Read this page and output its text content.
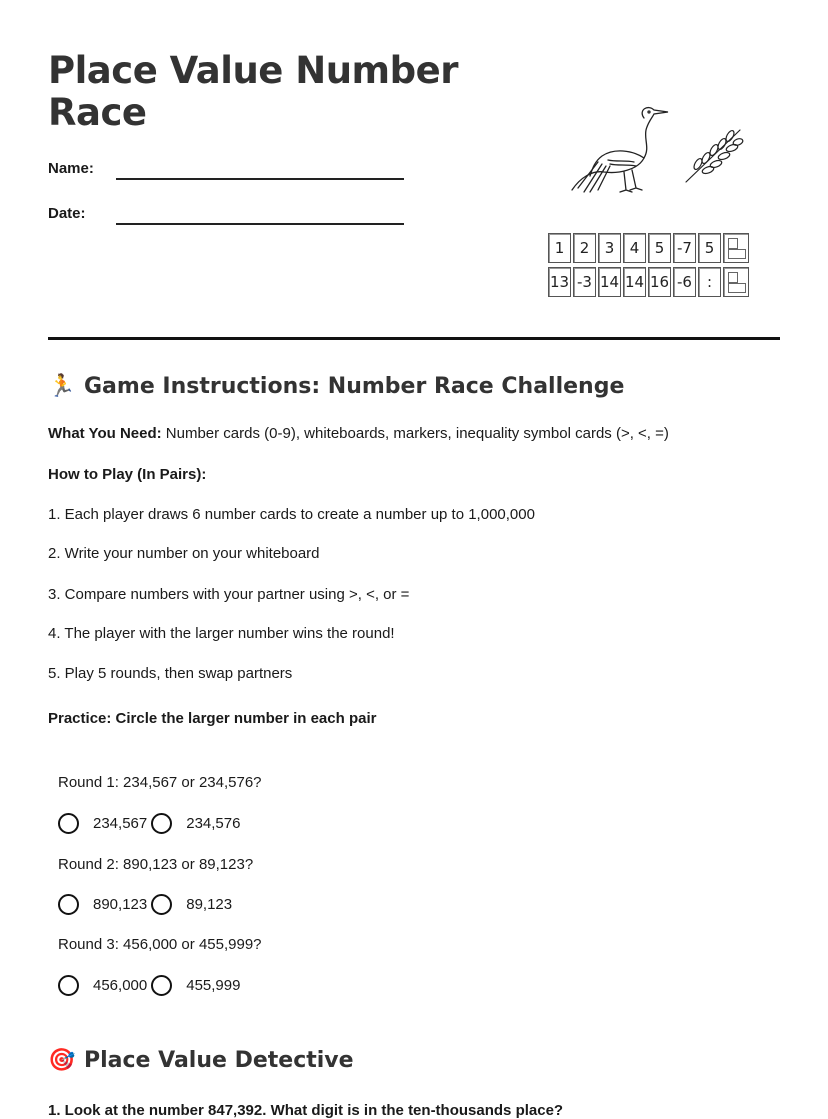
Place Value Number Race
Name:
Date:
1	2	3	4	5 -7 5
13 -3 14 14 16 -6 :
🏃 Game Instructions: Number Race Challenge
What You Need: Number cards (0-9), whiteboards, markers, inequality symbol cards (>, <, =)
How to Play (In Pairs):
1. Each player draws 6 number cards to create a number up to 1,000,000
2. Write your number on your whiteboard
3. Compare numbers with your partner using >, <, or =
4. The player with the larger number wins the round!
5. Play 5 rounds, then swap partners
Practice: Circle the larger number in each pair
Round 1: 234,567 or 234,576?
234,567	234,576
Round 2: 890,123 or 89,123?
890,123	89,123
Round 3: 456,000 or 455,999?
456,000	455,999
🎯 Place Value Detective
1. Look at the number 847,392. What digit is in the ten-thousands place?
